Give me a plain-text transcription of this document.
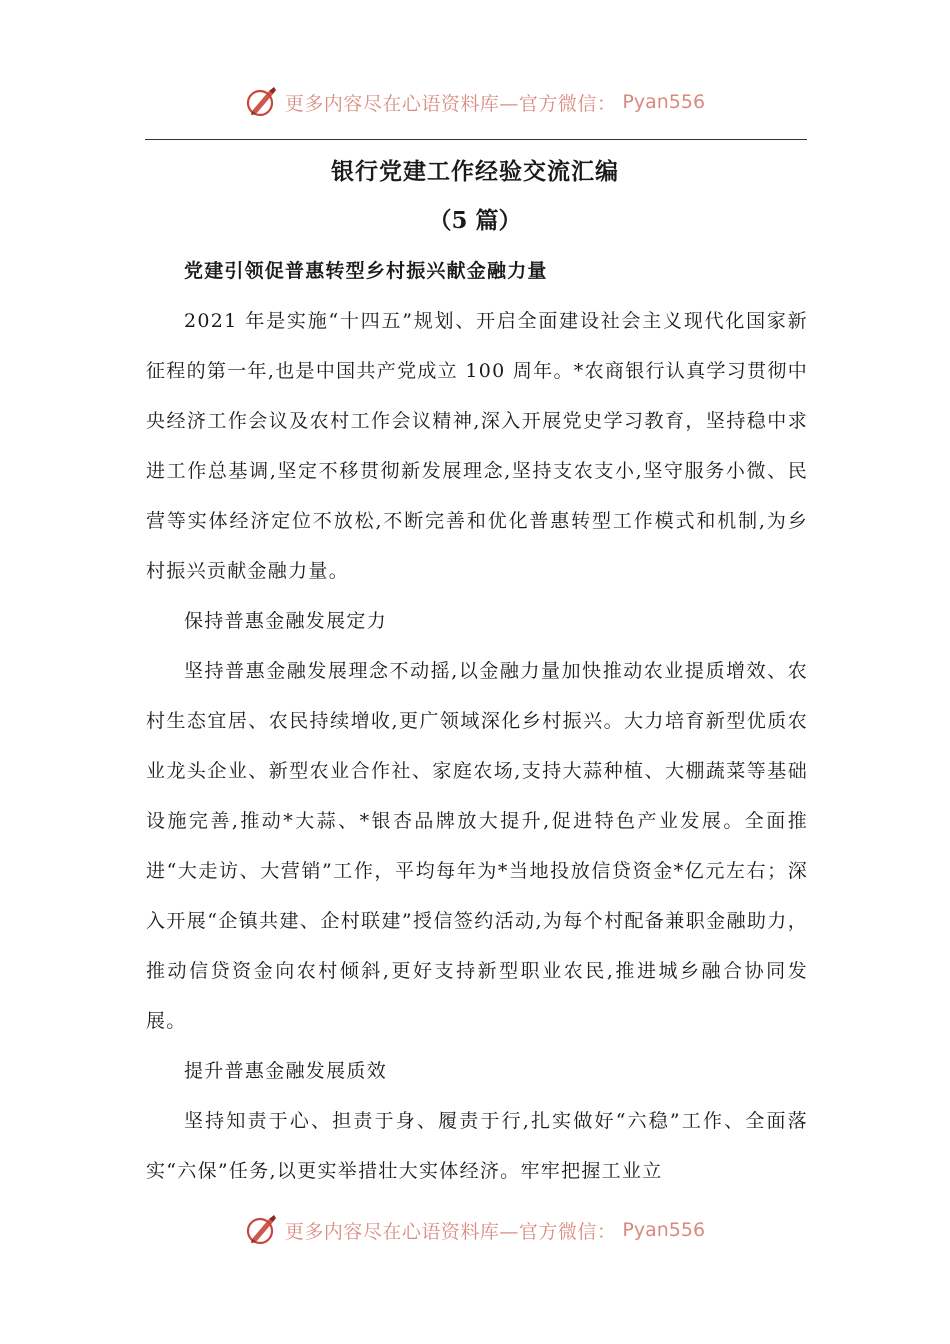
更多内容尽在心语资料库—官方微信： Pyan556
银行党建工作经验交流汇编
（5 篇）

党建引领促普惠转型乡村振兴献金融力量

2021 年是实施“十四五”规划、开启全面建设社会主义现代化国家新征程的第一年,也是中国共产党成立 100 周年。*农商银行认真学习贯彻中央经济工作会议及农村工作会议精神,深入开展党史学习教育，坚持稳中求进工作总基调,坚定不移贯彻新发展理念,坚持支农支小,坚守服务小微、民营等实体经济定位不放松,不断完善和优化普惠转型工作模式和机制,为乡村振兴贡献金融力量。

保持普惠金融发展定力

坚持普惠金融发展理念不动摇,以金融力量加快推动农业提质增效、农村生态宜居、农民持续增收,更广领域深化乡村振兴。大力培育新型优质农业龙头企业、新型农业合作社、家庭农场,支持大蒜种植、大棚蔬菜等基础设施完善,推动*大蒜、*银杏品牌放大提升,促进特色产业发展。全面推进“大走访、大营销”工作，平均每年为*当地投放信贷资金*亿元左右；深入开展“企镇共建、企村联建”授信签约活动,为每个村配备兼职金融助力，推动信贷资金向农村倾斜,更好支持新型职业农民,推进城乡融合协同发展。

提升普惠金融发展质效

坚持知责于心、担责于身、履责于行,扎实做好“六稳”工作、全面落实“六保”任务,以更实举措壮大实体经济。牢牢把握工业立

更多内容尽在心语资料库—官方微信： Pyan556
